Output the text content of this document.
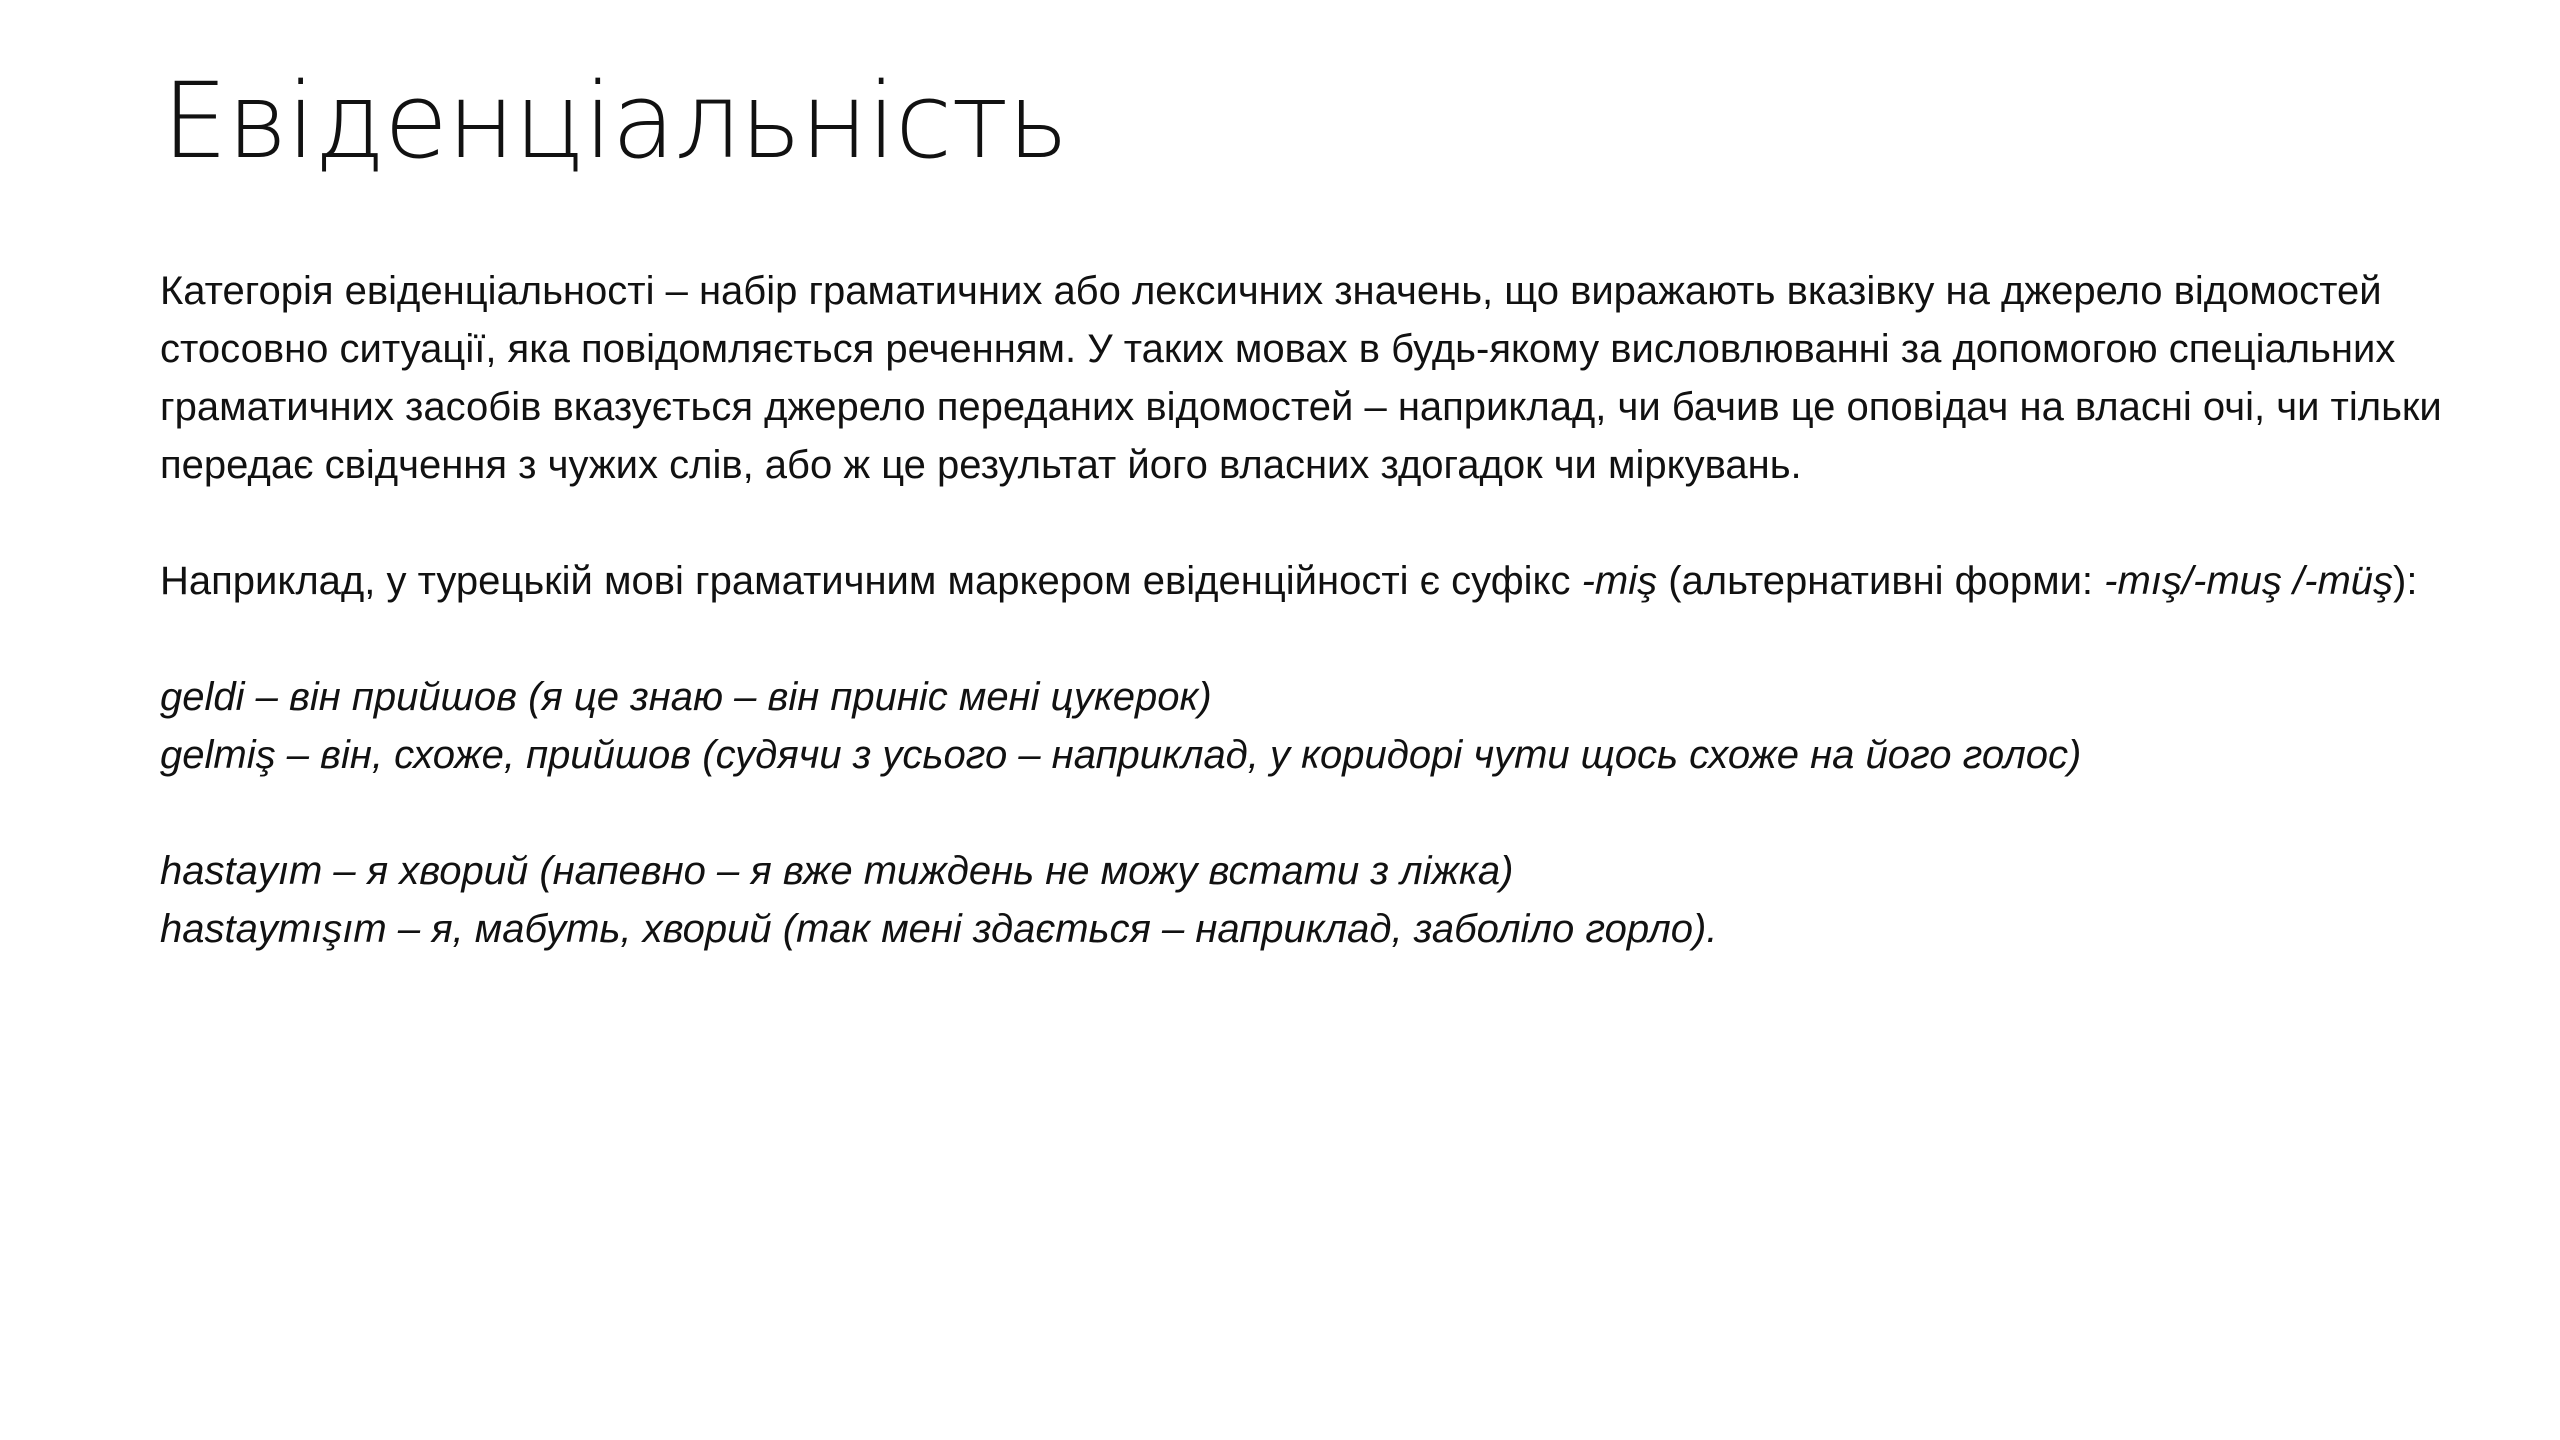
Евіденціальність

Категорія евіденціальності – набір граматичних або лексичних значень, що виражають вказівку на джерело відомостей стосовно ситуації, яка повідомляється реченням. У таких мовах в будь-якому висловлюванні за допомогою спеціальних граматичних засобів вказується джерело переданих відомостей – наприклад, чи бачив це оповідач на власні очі, чи тільки передає свідчення з чужих слів, або ж це результат його власних здогадок чи міркувань.

Наприклад, у турецькій мові граматичним маркером евіденційності є суфікс -miş (альтернативні форми: -mış/-muş /-müş):

geldi – він прийшов (я це знаю – він приніс мені цукерок)

gelmiş – він, схоже, прийшов (судячи з усього – наприклад, у коридорі чути щось схоже на його голос)

hastayım – я хворий (напевно – я вже тиждень не можу встати з ліжка)

hastaymışım – я, мабуть, хворий (так мені здається – наприклад, заболіло горло).
